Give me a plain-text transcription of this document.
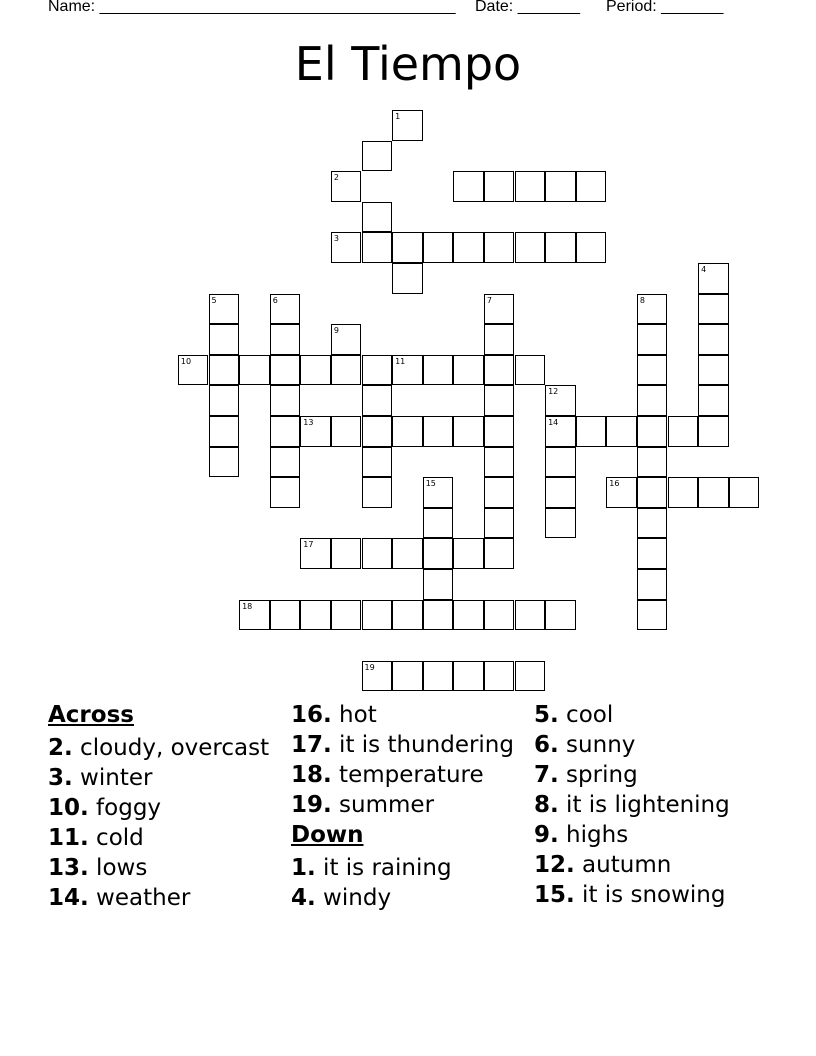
Name: ________________________________________

Date: _______

Period: _______

El Tiempo
1
2
3
4
5	6	7	8
9
10	11
12
13	14
15	16
17
18
19
Across
2. cloudy, overcast
3. winter
10. foggy
11. cold
13. lows
14. weather
16. hot
17. it is thundering
18. temperature
19. summer
Down
1. it is raining
4. windy
5. cool
6. sunny
7. spring
8. it is lightening
9. highs
12. autumn
15. it is snowing
